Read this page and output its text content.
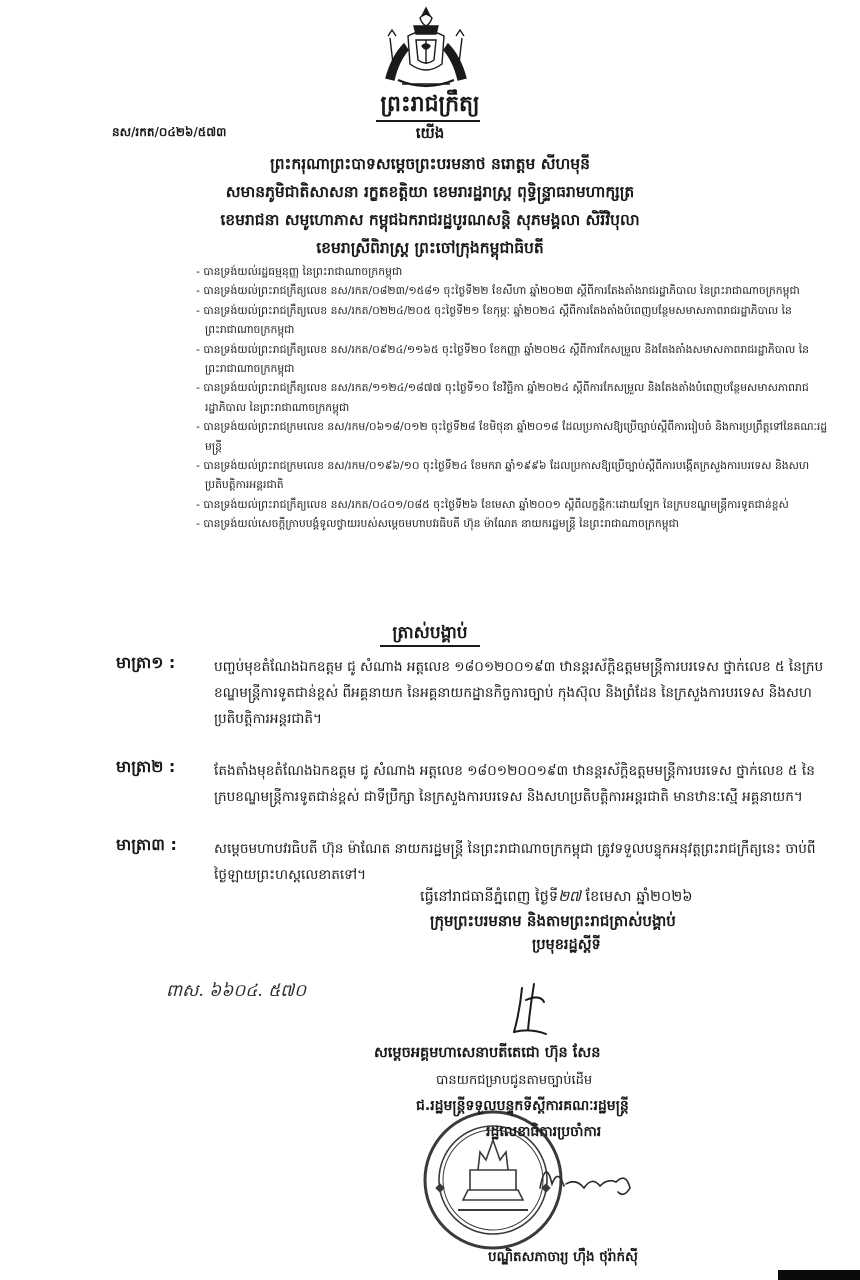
ព្រះរាជក្រឹត្យ
នស/រកត/០៤២៦/៥៧៣	យើង
ព្រះករុណាព្រះបាទសម្តេចព្រះបរមនាថ នរោត្តម សីហមុនី
សមានភូមិជាតិសាសនា រក្ខតខត្តិយា ខេមរារដ្ឋរាស្ត្រ ពុទ្ធិន្ទ្រាធរាមហាក្សត្រ
ខេមរាជនា សមូហោភាស កម្ពុជឯករាជរដ្ឋបូរណសន្តិ សុភមង្គលា សិរីវិបុលា
ខេមរាស្រីពិរាស្ត្រ ព្រះចៅក្រុងកម្ពុជាធិបតី
- បានទ្រង់យល់រដ្ឋធម្មនុញ្ញ នៃព្រះរាជាណាចក្រកម្ពុជា
- បានទ្រង់យល់ព្រះរាជក្រឹត្យលេខ នស/រកត/០៨២៣/១៥៨១ ចុះថ្ងៃទី២២ ខែសីហា ឆ្នាំ២០២៣ ស្តីពីការតែងតាំងរាជរដ្ឋាភិបាល នៃព្រះរាជាណាចក្រកម្ពុជា
- បានទ្រង់យល់ព្រះរាជក្រឹត្យលេខ នស/រកត/០២២៤/២០៥ ចុះថ្ងៃទី២១ ខែកុម្ភៈ ឆ្នាំ២០២៤ ស្តីពីការតែងតាំងបំពេញបន្ថែមសមាសភាពរាជរដ្ឋាភិបាល នៃព្រះរាជាណាចក្រកម្ពុជា
- បានទ្រង់យល់ព្រះរាជក្រឹត្យលេខ នស/រកត/០៩២៤/១១៦៥ ចុះថ្ងៃទី២០ ខែកញ្ញា ឆ្នាំ២០២៤ ស្តីពីការកែសម្រួល និងតែងតាំងសមាសភាពរាជរដ្ឋាភិបាល នៃព្រះរាជាណាចក្រកម្ពុជា
- បានទ្រង់យល់ព្រះរាជក្រឹត្យលេខ នស/រកត/១១២៤/១៨៧៧ ចុះថ្ងៃទី១០ ខែវិច្ឆិកា ឆ្នាំ២០២៤ ស្តីពីការកែសម្រួល និងតែងតាំងបំពេញបន្ថែមសមាសភាពរាជរដ្ឋាភិបាល នៃព្រះរាជាណាចក្រកម្ពុជា
- បានទ្រង់យល់ព្រះរាជក្រមលេខ នស/រកម/០៦១៨/០១២ ចុះថ្ងៃទី២៨ ខែមិថុនា ឆ្នាំ២០១៨ ដែលប្រកាសឱ្យប្រើច្បាប់ស្តីពីការរៀបចំ និងការប្រព្រឹត្តទៅនៃគណៈរដ្ឋមន្ត្រី
- បានទ្រង់យល់ព្រះរាជក្រមលេខ នស/រកម/០១៩៦/១០ ចុះថ្ងៃទី២៤ ខែមករា ឆ្នាំ១៩៩៦ ដែលប្រកាសឱ្យប្រើច្បាប់ស្តីពីការបង្កើតក្រសួងការបរទេស និងសហប្រតិបត្តិការអន្តរជាតិ
- បានទ្រង់យល់ព្រះរាជក្រឹត្យលេខ នស/រកត/០៤០១/០៨៥ ចុះថ្ងៃទី២៦ ខែមេសា ឆ្នាំ២០០១ ស្តីពីលក្ខន្តិកៈដោយឡែក នៃក្របខណ្ឌមន្ត្រីការទូតជាន់ខ្ពស់
- បានទ្រង់យល់សេចក្តីក្រាបបង្គំទូលថ្វាយរបស់សម្តេចមហាបវរធិបតី ហ៊ុន ម៉ាណែត នាយករដ្ឋមន្ត្រី នៃព្រះរាជាណាចក្រកម្ពុជា
ត្រាស់បង្គាប់
មាត្រា១ :	បញ្ចប់មុខតំណែងឯកឧត្តម ជូ សំណាង អត្តលេខ ១៨០១២០០១៩៣ ឋានន្តរស័ក្តិឧត្តមមន្ត្រីការបរទេស ថ្នាក់លេខ ៥ នៃក្របខណ្ឌមន្ត្រីការទូតជាន់ខ្ពស់ ពីអគ្គនាយក នៃអគ្គនាយកដ្ឋានកិច្ចការច្បាប់ កុងស៊ុល និងព្រំដែន នៃក្រសួងការបរទេស និងសហប្រតិបត្តិការអន្តរជាតិ។
មាត្រា២ :	តែងតាំងមុខតំណែងឯកឧត្តម ជូ សំណាង អត្តលេខ ១៨០១២០០១៩៣ ឋានន្តរស័ក្តិឧត្តមមន្ត្រីការបរទេស ថ្នាក់លេខ ៥ នៃក្របខណ្ឌមន្ត្រីការទូតជាន់ខ្ពស់ ជាទីប្រឹក្សា នៃក្រសួងការបរទេស និងសហប្រតិបត្តិការអន្តរជាតិ មានឋានៈស្មើ អគ្គនាយក។
មាត្រា៣ :	សម្តេចមហាបវរធិបតី ហ៊ុន ម៉ាណែត នាយករដ្ឋមន្ត្រី នៃព្រះរាជាណាចក្រកម្ពុជា ត្រូវទទួលបន្ទុកអនុវត្តព្រះរាជក្រឹត្យនេះ ចាប់ពីថ្ងៃឡាយព្រះហស្តលេខាតទៅ។
ធ្វើនៅរាជធានីភ្នំពេញ ថ្ងៃទី២៧ ខែមេសា ឆ្នាំ២០២៦
ក្រុមព្រះបរមនាម និងតាមព្រះរាជត្រាស់បង្គាប់
ប្រមុខរដ្ឋស្តីទី
ពាស. ៦៦០៤. ៥៧០
សម្តេចអគ្គមហាសេនាបតីតេជោ ហ៊ុន សែន
បានយកជម្រាបជូនតាមច្បាប់ដើម
ជ.រដ្ឋមន្ត្រីទទួលបន្ទុកទីស្តីការគណៈរដ្ឋមន្ត្រី
រដ្ឋលេខាធិការប្រចាំការ
បណ្ឌិតសភាចារ្យ ហ៊ឹង ថុរ៉ាក់ស៊ី
